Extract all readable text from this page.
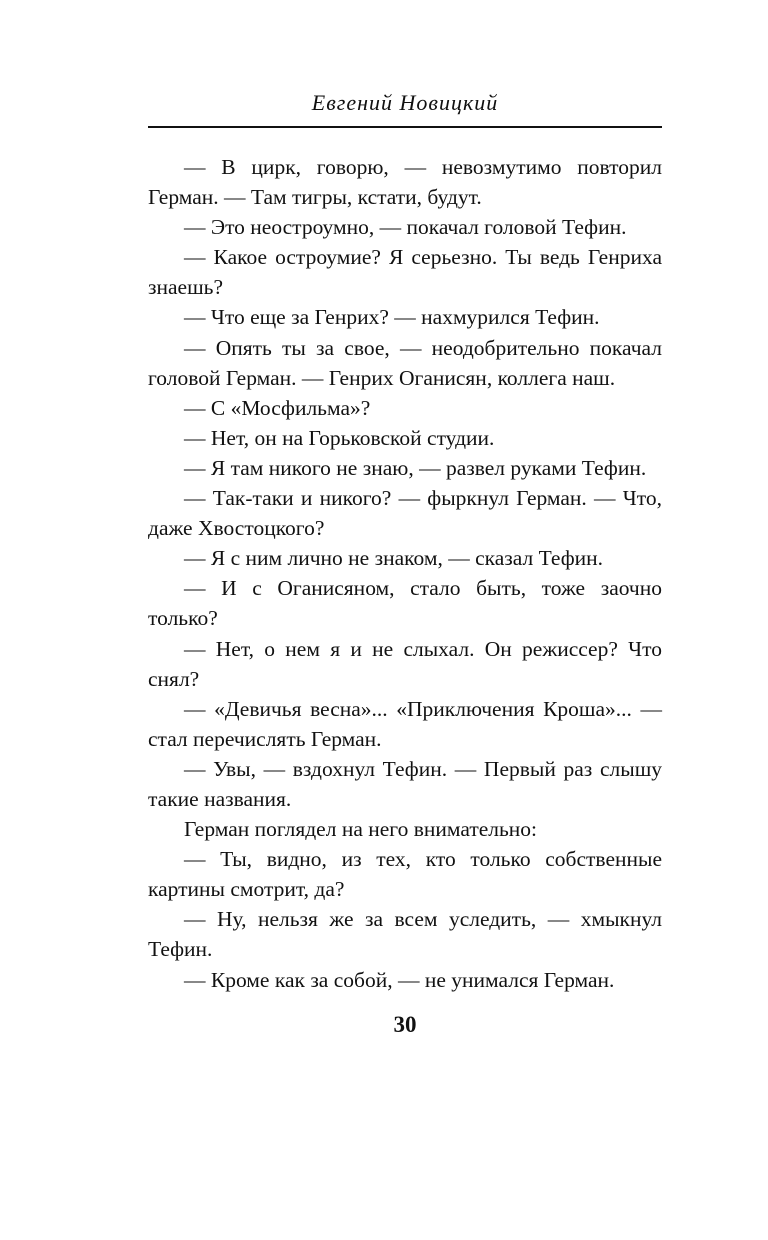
Евгений Новицкий

— В цирк, говорю, — невозмутимо повторил Герман. — Там тигры, кстати, будут.

— Это неостроумно, — покачал головой Тефин.

— Какое остроумие? Я серьезно. Ты ведь Генриха знаешь?

— Что еще за Генрих? — нахмурился Тефин.

— Опять ты за свое, — неодобрительно покачал головой Герман. — Генрих Оганисян, коллега наш.

— С «Мосфильма»?

— Нет, он на Горьковской студии.

— Я там никого не знаю, — развел руками Тефин.

— Так-таки и никого? — фыркнул Герман. — Что, даже Хвостоцкого?

— Я с ним лично не знаком, — сказал Тефин.

— И с Оганисяном, стало быть, тоже заочно только?

— Нет, о нем я и не слыхал. Он режиссер? Что снял?

— «Девичья весна»... «Приключения Кроша»... — стал перечислять Герман.

— Увы, — вздохнул Тефин. — Первый раз слышу такие названия.

Герман поглядел на него внимательно:

— Ты, видно, из тех, кто только собственные картины смотрит, да?

— Ну, нельзя же за всем уследить, — хмыкнул Тефин.

— Кроме как за собой, — не унимался Герман.

30
